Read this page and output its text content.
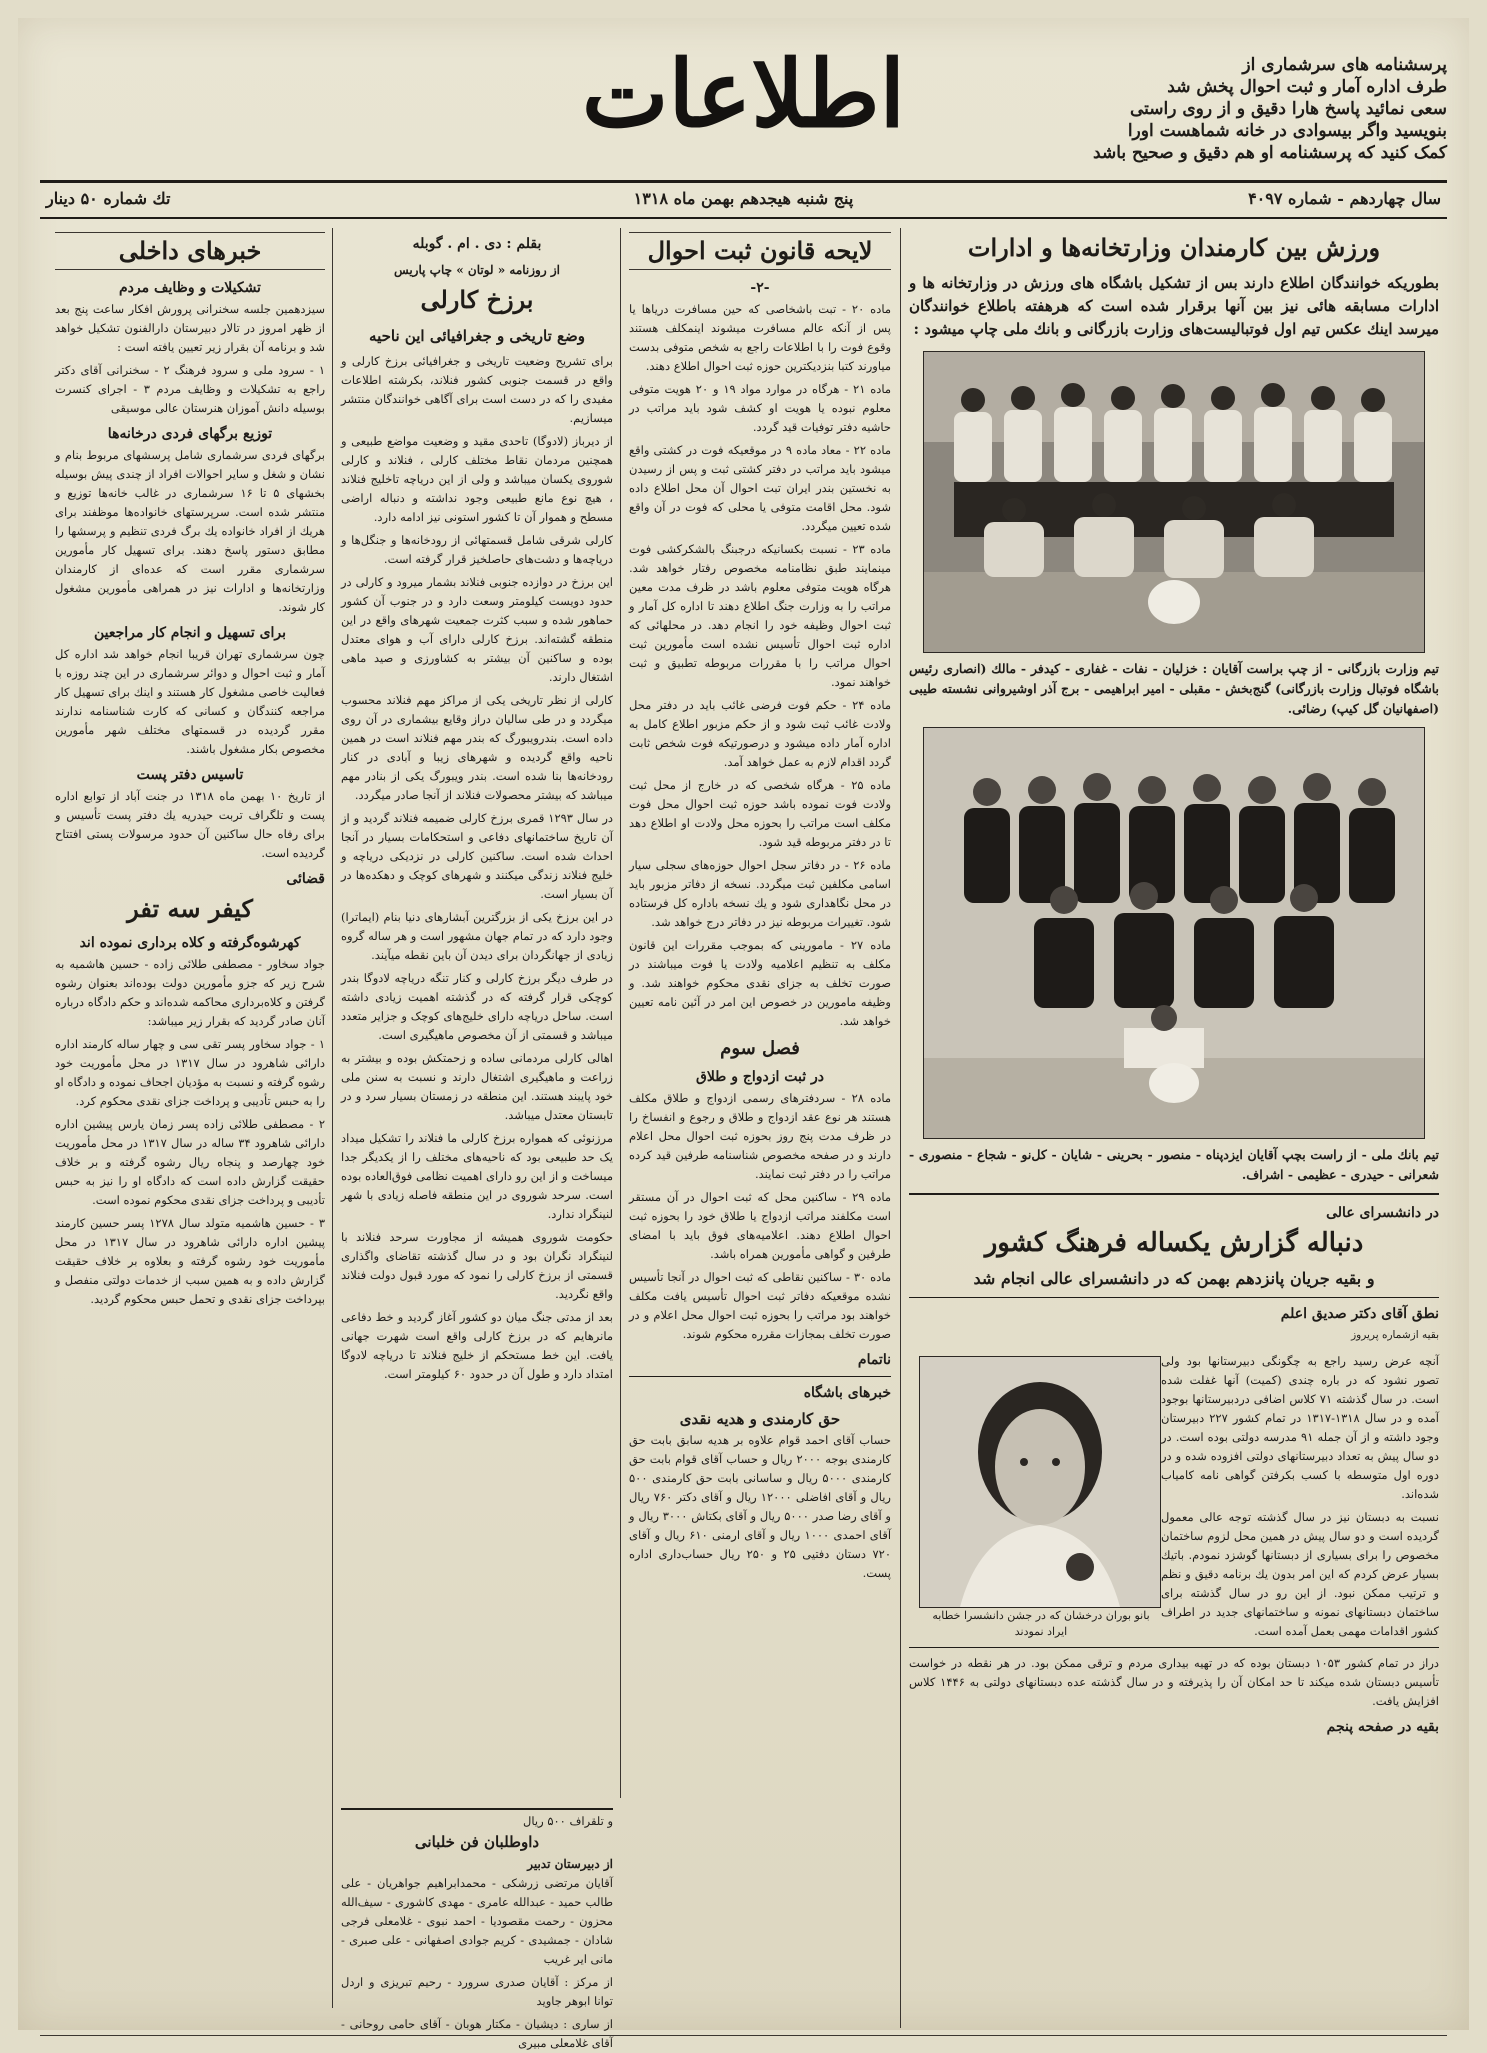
اطلاعات	پرسشنامه های سرشماری از
طرف اداره آمار و ثبت احوال پخش شد
سعی نمائید پاسخ هارا دقیق و از روی راستی
بنویسید واگر بیسوادی در خانه شماهست اورا
کمک کنید که پرسشنامه او هم دقیق و صحیح باشد
سال چهاردهم - شماره ۴۰۹۷
پنج شنبه هیجدهم بهمن ماه ۱۳۱۸
تك شماره ۵۰ دینار
ورزش بین کارمندان وزارتخانه‌ها و ادارات
بطوریکه خوانندگان اطلاع دارند بس از تشکیل باشگاه های ورزش در وزارتخانه ها و ادارات مسابقه هائی نیز بین آنها برقرار شده است که هرهفته باطلاع خوانندگان میرسد اینك عکس تیم اول فوتبالیست‌های وزارت بازرگانی و بانك ملی چاپ میشود :
تیم وزارت بازرگانی - از چپ براست آقایان : خزلیان - نفات - غفاری - کیدفر - مالك (انصاری رئیس باشگاه فوتبال وزارت بازرگانی) گنج‌بخش - مقبلی - امیر ابراهیمی - برج آذر اوشیروانی نشسته طیبی (اصفهانیان گل کیپ) رضائی.
تیم بانك ملی - از راست بچپ آقایان ایزدپناه - منصور - بحرینی - شایان - کل‌نو - شجاع - منصوری - شعرانی - حیدری - عظیمی - اشراف.
در دانشسرای عالی
دنباله گزارش یکساله فرهنگ کشور
و بقیه جریان پانزدهم بهمن که در دانشسرای عالی انجام شد
نطق آقای دکتر صدیق اعلم
بقیه ازشماره پریروز
بانو بوران درخشان که در جشن دانشسرا خطابه ایراد نمودند

آنچه عرض رسید راجع به چگونگی دبیرستانها بود ولی تصور نشود که در باره چندی (کمیت) آنها غفلت شده است. در سال گذشته ۷۱ کلاس اضافی دردبیرستانها بوجود آمده و در سال ۱۳۱۸-۱۳۱۷ در تمام کشور ۲۲۷ دبیرستان وجود داشته و از آن جمله ۹۱ مدرسه دولتی بوده است. در دو سال پیش به تعداد دبیرستانهای دولتی افزوده شده و در دوره اول متوسطه با کسب بکرفتن گواهی نامه کامیاب شده‌اند.

نسبت به دبستان نیز در سال گذشته توجه عالی معمول گردیده است و دو سال پیش در همین محل لزوم ساختمان مخصوص را برای بسیاری از دبستانها گوشزد نمودم. باتیك بسیار عرض کردم که این امر بدون یك برنامه دقیق و نظم و ترتیب ممکن نبود. از این رو در سال گذشته برای ساختمان دبستانهای نمونه و ساختمانهای جدید در اطراف کشور اقدامات مهمی بعمل آمده است.

دراز در تمام کشور ۱۰۵۳ دبستان بوده که در تهیه بیداری مردم و ترقی ممکن بود. در هر نقطه در خواست تأسیس دبستان شده میکند تا حد امکان آن را پذیرفته و در سال گذشته عده دبستانهای دولتی به ۱۴۴۶ کلاس افزایش یافت.

بقیه در صفحه پنجم
لایحه قانون ثبت احوال
-۲-

ماده ۲۰ - تبت باشخاصی که حین مسافرت دریاها یا پس از آنکه عالم مسافرت میشوند اینمکلف هستند وقوع فوت را با اطلاعات راجع به شخص متوفی بدست میاورند کتبا بنزدیکترین حوزه ثبت احوال اطلاع دهند.

ماده ۲۱ - هرگاه در موارد مواد ۱۹ و ۲۰ هویت متوفی معلوم نبوده یا هویت او کشف شود باید مراتب در حاشیه دفتر توفیات قید گردد.

ماده ۲۲ - معاد ماده ۹ در موقعیکه فوت در کشتی واقع میشود باید مراتب در دفتر کشتی ثبت و پس از رسیدن به نخستین بندر ایران تبت احوال آن محل اطلاع داده شود. محل اقامت متوفی یا محلی که فوت در آن واقع شده تعیین میگردد.

ماده ۲۳ - نسبت بکسانیکه درجبنگ بالشکرکشی فوت مینمایند طبق نظامنامه مخصوص رفتار خواهد شد. هرگاه هویت متوفی معلوم باشد در ظرف مدت معین مراتب را به وزارت جنگ اطلاع دهند تا اداره کل آمار و ثبت احوال وظیفه خود را انجام دهد. در محلهائی که اداره ثبت احوال تأسیس نشده است مأمورین ثبت احوال مراتب را با مقررات مربوطه تطبیق و ثبت خواهند نمود.

ماده ۲۴ - حکم فوت فرضی غائب باید در دفتر محل ولادت غائب ثبت شود و از حکم مزبور اطلاع کامل به اداره آمار داده میشود و درصورتیکه فوت شخص ثابت گردد اقدام لازم به عمل خواهد آمد.

ماده ۲۵ - هرگاه شخصی که در خارج از محل ثبت ولادت فوت نموده باشد حوزه ثبت احوال محل فوت مکلف است مراتب را بحوزه محل ولادت او اطلاع دهد تا در دفتر مربوطه قید شود.

ماده ۲۶ - در دفاتر سجل احوال حوزه‌های سجلی سیار اسامی مکلفین ثبت میگردد. نسخه از دفاتر مزبور باید در محل نگاهداری شود و یك نسخه باداره کل فرستاده شود. تغییرات مربوطه نیز در دفاتر درج خواهد شد.

ماده ۲۷ - مامورینی که بموجب مقررات این قانون مکلف به تنظیم اعلامیه ولادت یا فوت میباشند در صورت تخلف به جزای نقدی محکوم خواهند شد. و وظیفه مامورین در خصوص این امر در آئین نامه تعیین خواهد شد.

فصل سوم
در ثبت ازدواج و طلاق

ماده ۲۸ - سردفترهای رسمی ازدواج و طلاق مکلف هستند هر نوع عقد ازدواج و طلاق و رجوع و انفساخ را در ظرف مدت پنج روز بحوزه ثبت احوال محل اعلام دارند و در صفحه مخصوص شناسنامه طرفین قید کرده مراتب را در دفتر ثبت نمایند.

ماده ۲۹ - ساکنین محل که ثبت احوال در آن مستقر است مکلفند مراتب ازدواج یا طلاق خود را بحوزه ثبت احوال اطلاع دهند. اعلامیه‌های فوق باید با امضای طرفین و گواهی مأمورین همراه باشد.

ماده ۳۰ - ساکنین نقاطی که ثبت احوال در آنجا تأسیس نشده موقعیکه دفاتر ثبت احوال تأسیس یافت مکلف خواهند بود مراتب را بحوزه ثبت احوال محل اعلام و در صورت تخلف بمجازات مقرره محکوم شوند.

ناتمام
خبرهای باشگاه
حق کارمندی و هدیه نقدی

حساب آقای احمد قوام علاوه بر هدیه سابق بابت حق کارمندی بوجه ۲۰۰۰ ریال و حساب آقای قوام بابت حق کارمندی ۵۰۰۰ ریال و ساسانی بابت حق کارمندی ۵۰۰ ریال و آقای افاضلی ۱۲۰۰۰ ریال و آقای دکتر ۷۶۰ ریال و آقای رضا صدر ۵۰۰۰ ریال و آقای بکتاش ۳۰۰۰ ریال و آقای احمدی ۱۰۰۰ ریال و آقای ارمنی ۶۱۰ ریال و آقای ۷۲۰ دستان دفتیی ۲۵ و ۲۵۰ ریال حساب‌داری اداره پست.

بقلم : دی . ام . گوبله
از روزنامه « لوتان » چاپ پاریس
برزخ کارلی
وضع تاریخی و جغرافیائی این ناحیه

برای تشریح وضعیت تاریخی و جغرافیائی برزخ کارلی و واقع در قسمت جنوبی کشور فنلاند، بکرشته اطلاعات مفیدی را که در دست است برای آگاهی خوانندگان منتشر میسازیم.

از دیرباز (لادوگا) تاحدی مقید و وضعیت مواضع طبیعی و همچنین مردمان نقاط مختلف کارلی ، فنلاند و کارلی شوروی یکسان میباشد و ولی از این دریاچه تاخلیج فنلاند ، هیچ نوع مانع طبیعی وجود نداشته و دنباله اراضی مسطح و هموار آن تا کشور استونی نیز ادامه دارد.

کارلی شرقی شامل قسمتهائی از رودخانه‌ها و جنگل‌ها و دریاچه‌ها و دشت‌های حاصلخیز قرار گرفته است.

این برزخ در دوازده جنوبی فنلاند بشمار میرود و کارلی در حدود دویست کیلومتر وسعت دارد و در جنوب آن کشور حماهور شده و سبب کثرت جمعیت شهرهای واقع در این منطقه گشته‌اند. برزخ کارلی دارای آب و هوای معتدل بوده و ساکنین آن بیشتر به کشاورزی و صید ماهی اشتغال دارند.

کارلی از نظر تاریخی یکی از مراکز مهم فنلاند محسوب میگردد و در طی سالیان دراز وقایع بیشماری در آن روی داده است. بندرویبورگ که بندر مهم فنلاند است در همین ناحیه واقع گردیده و شهرهای زیبا و آبادی در کنار رودخانه‌ها بنا شده است. بندر ویبورگ یکی از بنادر مهم میباشد که بیشتر محصولات فنلاند از آنجا صادر میگردد.

در سال ۱۲۹۳ قمری برزخ کارلی ضمیمه فنلاند گردید و از آن تاریخ ساختمانهای دفاعی و استحکامات بسیار در آنجا احداث شده است. ساکنین کارلی در نزدیکی دریاچه و خلیج فنلاند زندگی میکنند و شهرهای کوچک و دهکده‌ها در آن بسیار است.

در این برزخ یکی از بزرگترین آبشارهای دنیا بنام (ایماترا) وجود دارد که در تمام جهان مشهور است و هر ساله گروه زیادی از جهانگردان برای دیدن آن باین نقطه میآیند.

در طرف دیگر برزخ کارلی و کنار تنگه دریاچه لادوگا بندر کوچکی قرار گرفته که در گذشته اهمیت زیادی داشته است. ساحل دریاچه دارای خلیج‌های کوچک و جزایر متعدد میباشد و قسمتی از آن مخصوص ماهیگیری است.

اهالی کارلی مردمانی ساده و زحمتکش بوده و بیشتر به زراعت و ماهیگیری اشتغال دارند و نسبت به سنن ملی خود پایبند هستند. این منطقه در زمستان بسیار سرد و در تابستان معتدل میباشد.

مرزنوئی که همواره برزخ کارلی ما فنلاند را تشکیل میداد یک حد طبیعی بود که ناحیه‌های مختلف را از یکدیگر جدا میساخت و از این رو دارای اهمیت نظامی فوق‌العاده بوده است. سرحد شوروی در این منطقه فاصله زیادی با شهر لنینگراد ندارد.

حکومت شوروی همیشه از مجاورت سرحد فنلاند با لنینگراد نگران بود و در سال گذشته تقاضای واگذاری قسمتی از برزخ کارلی را نمود که مورد قبول دولت فنلاند واقع نگردید.

بعد از مدتی جنگ میان دو کشور آغاز گردید و خط دفاعی مانرهایم که در برزخ کارلی واقع است شهرت جهانی یافت. این خط مستحکم از خلیج فنلاند تا دریاچه لادوگا امتداد دارد و طول آن در حدود ۶۰ کیلومتر است.

و تلقراف ۵۰۰ ریال
داوطلبان فن خلبانی
از دبیرستان تدبیر

آقایان مرتضی زرشکی - محمدابراهیم جواهریان - علی طالب حمید - عبدالله عامری - مهدی کاشوری - سیف‌الله محزون - رحمت مقصودیا - احمد نبوی - غلامعلی فرجی شادان - جمشیدی - کریم جوادی اصفهانی - علی صبری - مانی ایر غریب

از مرکز : آقایان صدری سرورد - رحیم تبریزی و اردل توانا ابوهر جاوید

از ساری : دیشیان - مکتار هوبان - آقای حامی روحانی - آقای غلامعلی مبیری

خبرهای داخلی
تشکیلات و وظایف مردم

سیزدهمین جلسه سخنرانی پرورش افکار ساعت پنج بعد از ظهر امروز در تالار دبیرستان دارالفنون تشکیل خواهد شد و برنامه آن بقرار زیر تعیین یافته است :

۱ - سرود ملی و سرود فرهنگ ۲ - سخنرانی آقای دکتر راجع به تشکیلات و وظایف مردم ۳ - اجرای کنسرت بوسیله دانش آموزان هنرستان عالی موسیقی

توزیع برگهای فردی درخانه‌ها

برگهای فردی سرشماری شامل پرسشهای مربوط بنام و نشان و شغل و سایر احوالات افراد از چندی پیش بوسیله بخشهای ۵ تا ۱۶ سرشماری در غالب خانه‌ها توزیع و منتشر شده است. سرپرستهای خانواده‌ها موظفند برای هریك از افراد خانواده یك برگ فردی تنظیم و پرسشها را مطابق دستور پاسخ دهند. برای تسهیل کار مأمورین سرشماری مقرر است که عده‌ای از کارمندان وزارتخانه‌ها و ادارات نیز در همراهی مأمورین مشغول کار شوند.

برای تسهیل و انجام کار مراجعین

چون سرشماری تهران قریبا انجام خواهد شد اداره کل آمار و ثبت احوال و دوائر سرشماری در این چند روزه با فعالیت خاصی مشغول کار هستند و اینك برای تسهیل کار مراجعه کنندگان و کسانی که کارت شناسنامه ندارند مقرر گردیده در قسمتهای مختلف شهر مأمورین مخصوص بکار مشغول باشند.

تاسیس دفتر پست

از تاریخ ۱۰ بهمن ماه ۱۳۱۸ در جنت آباد از توابع اداره پست و تلگراف تربت حیدریه یك دفتر پست تأسیس و برای رفاه حال ساکنین آن حدود مرسولات پستی افتتاح گردیده است.

قضائی
کیفر سه تفر
کهرشوه‌گرفته و کلاه برداری نموده اند

جواد سخاور - مصطفی طلائی زاده - حسین هاشمیه به شرح زیر که جزو مأمورین دولت بوده‌اند بعنوان رشوه گرفتن و کلاه‌برداری محاکمه شده‌اند و حکم دادگاه درباره آنان صادر گردید که بقرار زیر میباشد:

۱ - جواد سخاور پسر تقی سی و چهار ساله کارمند اداره دارائی شاهرود در سال ۱۳۱۷ در محل مأموریت خود رشوه گرفته و نسبت به مؤدیان اجحاف نموده و دادگاه او را به حبس تأدیبی و پرداخت جزای نقدی محکوم کرد.

۲ - مصطفی طلائی زاده پسر زمان یارس پیشین اداره دارائی شاهرود ۳۴ ساله در سال ۱۳۱۷ در محل مأموریت خود چهارصد و پنجاه ریال رشوه گرفته و بر خلاف حقیقت گزارش داده است که دادگاه او را نیز به حبس تأدیبی و پرداخت جزای نقدی محکوم نموده است.

۳ - حسین هاشمیه متولد سال ۱۲۷۸ پسر حسین کارمند پیشین اداره دارائی شاهرود در سال ۱۳۱۷ در محل مأموریت خود رشوه گرفته و بعلاوه بر خلاف حقیقت گزارش داده و به همین سبب از خدمات دولتی منفصل و بپرداخت جزای نقدی و تحمل حبس محکوم گردید.
